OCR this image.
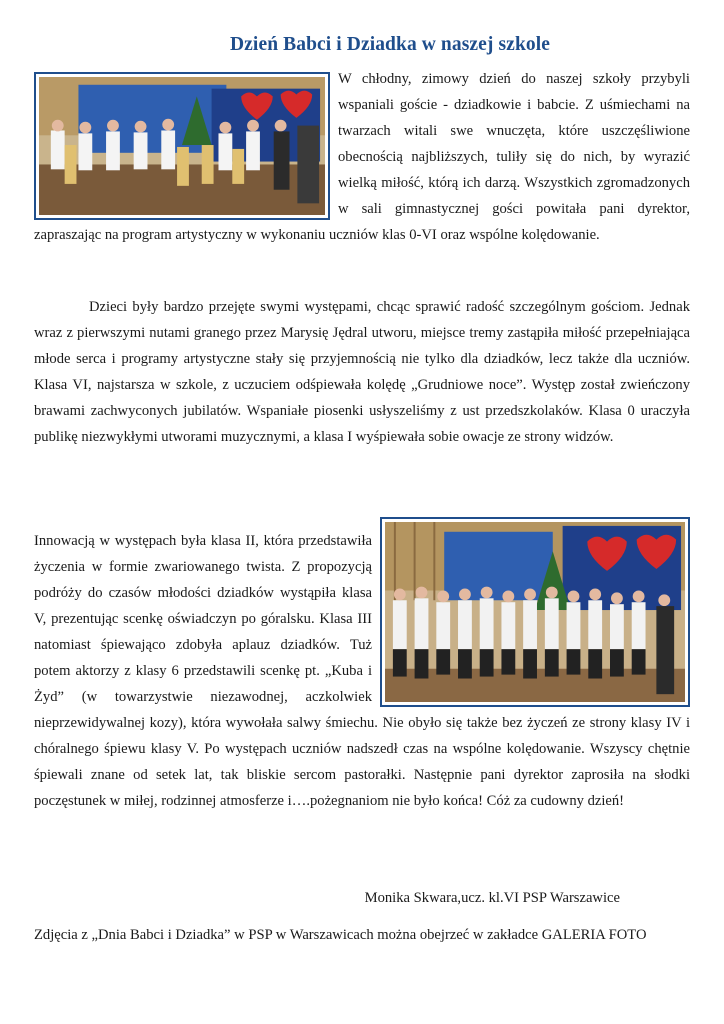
Dzień Babci i Dziadka w naszej szkole
W chłodny, zimowy dzień do naszej szkoły przybyli wspaniali goście - dziadkowie i babcie. Z uśmiechami na twarzach witali swe wnuczęta, które uszczęśliwione obecnością najbliższych, tuliły się do nich, by wyrazić wielką miłość, którą ich darzą. Wszystkich zgromadzonych w sali gimnastycznej gości powitała pani dyrektor, zapraszając na program artystyczny w wykonaniu uczniów klas 0-VI oraz wspólne kolędowanie.

Dzieci były bardzo przejęte swymi występami, chcąc sprawić radość szczególnym gościom. Jednak wraz z pierwszymi nutami granego przez Marysię Jędral utworu, miejsce tremy zastąpiła miłość przepełniająca młode serca i programy artystyczne stały się przyjemnością nie tylko dla dziadków, lecz także dla uczniów. Klasa VI, najstarsza w szkole, z uczuciem odśpiewała kolędę „Grudniowe noce”. Występ został zwieńczony brawami zachwyconych jubilatów. Wspaniałe piosenki usłyszeliśmy z ust przedszkolaków. Klasa 0 uraczyła publikę niezwykłymi utworami muzycznymi, a klasa I wyśpiewała sobie owacje ze strony widzów.

Innowacją w występach była klasa II, która przedstawiła życzenia w formie zwariowanego twista. Z propozycją podróży do czasów młodości dziadków wystąpiła klasa V, prezentując scenkę oświadczyn po góralsku. Klasa III natomiast śpiewająco zdobyła aplauz dziadków. Tuż potem aktorzy z klasy 6 przedstawili scenkę pt. „Kuba i Żyd” (w towarzystwie niezawodnej, aczkolwiek nieprzewidywalnej kozy), która wywołała salwy śmiechu. Nie obyło się także bez życzeń ze strony klasy IV i chóralnego śpiewu klasy V. Po występach uczniów nadszedł czas na wspólne kolędowanie. Wszyscy chętnie śpiewali znane od setek lat, tak bliskie sercom pastorałki. Następnie pani dyrektor zaprosiła na słodki poczęstunek w miłej, rodzinnej atmosferze i….pożegnaniom nie było końca! Cóż za cudowny dzień!

Monika Skwara,ucz. kl.VI PSP Warszawice

Zdjęcia z „Dnia Babci i Dziadka” w PSP w Warszawicach można obejrzeć w zakładce GALERIA FOTO
